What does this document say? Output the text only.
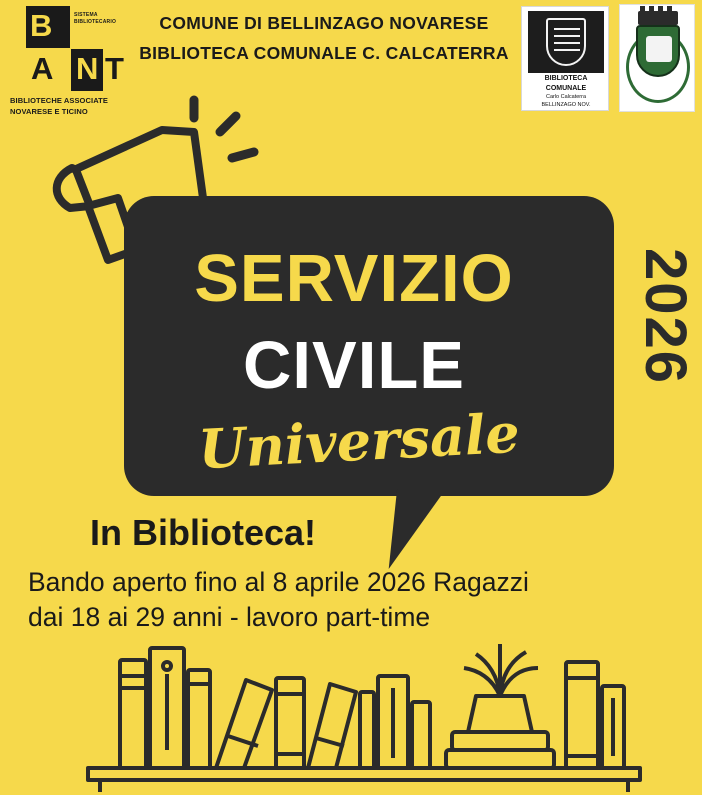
B	SISTEMA BIBLIOTECARIO
A N T
BIBLIOTECHE ASSOCIATE NOVARESE E TICINO
COMUNE DI BELLINZAGO NOVARESE
BIBLIOTECA COMUNALE C. CALCATERRA
BIBLIOTECA
COMUNALE
Carlo Calcaterra
BELLINZAGO NOV.
SERVIZIO
CIVILE
Universale
2026
In Biblioteca!
Bando aperto fino al 8 aprile 2026 Ragazzi
dai 18 ai 29 anni - lavoro part-time
